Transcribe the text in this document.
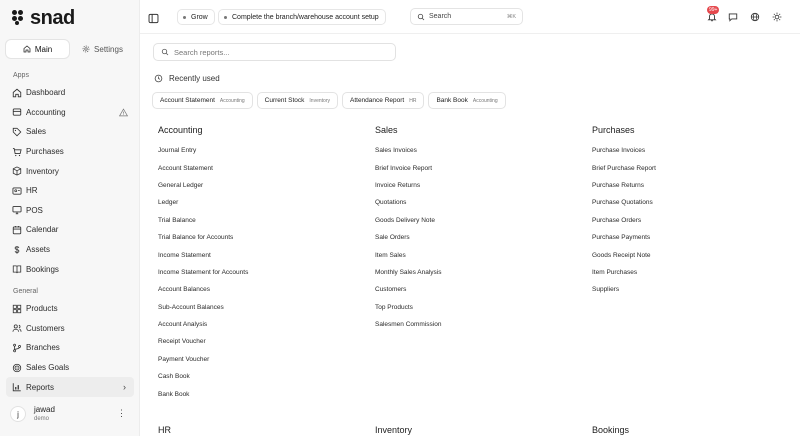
snad
Main	Settings
Apps
Dashboard
Accounting
Sales
Purchases
Inventory
HR
POS
Calendar
Assets
Bookings
General
Products
Customers
Branches
Sales Goals
Reports	›
j	jawad
demo
⋮
Grow	Complete the branch/warehouse account setup	Search	⌘K
99+
Search reports...
Recently used
Account Statement Accounting	Current Stock Inventory	Attendance Report HR	Bank Book Accounting
Accounting
Journal Entry
Account Statement
General Ledger
Ledger
Trial Balance
Trial Balance for Accounts
Income Statement
Income Statement for Accounts
Account Balances
Sub-Account Balances
Account Analysis
Receipt Voucher
Payment Voucher
Cash Book
Bank Book
Sales
Sales Invoices
Brief Invoice Report
Invoice Returns
Quotations
Goods Delivery Note
Sale Orders
Item Sales
Monthly Sales Analysis
Customers
Top Products
Salesmen Commission
Purchases
Purchase Invoices
Brief Purchase Report
Purchase Returns
Purchase Quotations
Purchase Orders
Purchase Payments
Goods Receipt Note
Item Purchases
Suppliers
HR	Inventory	Bookings
